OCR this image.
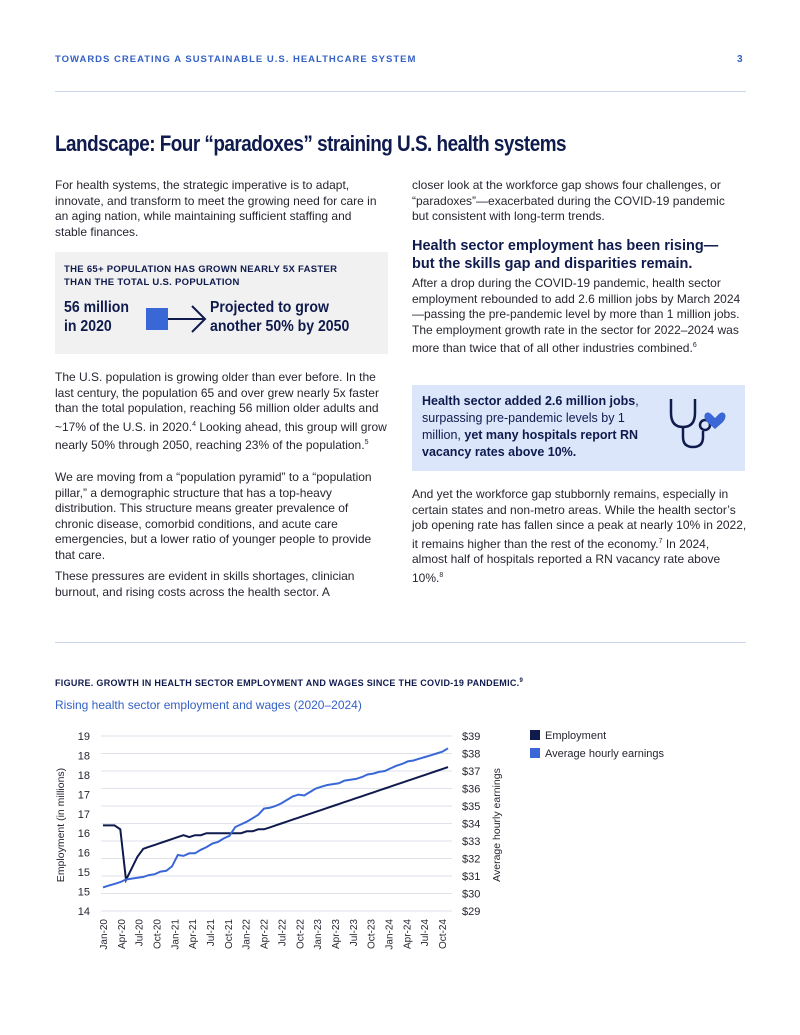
TOWARDS CREATING A SUSTAINABLE U.S. HEALTHCARE SYSTEM	3
Landscape: Four “paradoxes” straining U.S. health systems
For health systems, the strategic imperative is to adapt, innovate, and transform to meet the growing need for care in an aging nation, while maintaining sufficient staffing and stable finances.
THE 65+ POPULATION HAS GROWN NEARLY 5X FASTER
THAN THE TOTAL U.S. POPULATION
56 million
in 2020
Projected to grow
another 50% by 2050
The U.S. population is growing older than ever before. In the last century, the population 65 and over grew nearly 5x faster than the total population, reaching 56 million older adults and ~17% of the U.S. in 2020.$^4$ Looking ahead, this group will grow nearly 50% through 2050, reaching 23% of the population.$^5$
We are moving from a “population pyramid” to a “population pillar,” a demographic structure that has a top-heavy distribution. This structure means greater prevalence of chronic disease, comorbid conditions, and acute care emergencies, but a lower ratio of younger people to provide that care.
These pressures are evident in skills shortages, clinician burnout, and rising costs across the health sector. A
closer look at the workforce gap shows four challenges, or “paradoxes”—exacerbated during the COVID-19 pandemic but consistent with long-term trends.
Health sector employment has been rising— but the skills gap and disparities remain.
After a drop during the COVID-19 pandemic, health sector employment rebounded to add 2.6 million jobs by March 2024—passing the pre-pandemic level by more than 1 million jobs. The employment growth rate in the sector for 2022–2024 was more than twice that of all other industries combined.$^6$
Health sector added 2.6 million jobs, surpassing pre-pandemic levels by 1 million, yet many hospitals report RN vacancy rates above 10%.
And yet the workforce gap stubbornly remains, especially in certain states and non-metro areas. While the health sector’s job opening rate has fallen since a peak at nearly 10% in 2022, it remains higher than the rest of the economy.$^7$ In 2024, almost half of hospitals reported a RN vacancy rate above 10%.$^8$
FIGURE. GROWTH IN HEALTH SECTOR EMPLOYMENT AND WAGES SINCE THE COVID-19 PANDEMIC.$^9$
Rising health sector employment and wages (2020–2024)
19
18
18
17
17
16
16
15
15
14
$39
$38
$37
$36
$35
$34
$33
$32
$31
$30
$29
Jan-20 Apr-20 Jul-20 Oct-20 Jan-21 Apr-21 Jul-21 Oct-21 Jan-22 Apr-22 Jul-22 Oct-22 Jan-23 Apr-23 Jul-23 Oct-23 Jan-24 Apr-24 Jul-24 Oct-24
Employment (in millions)	Average hourly earnings
Employment
Average hourly earnings
